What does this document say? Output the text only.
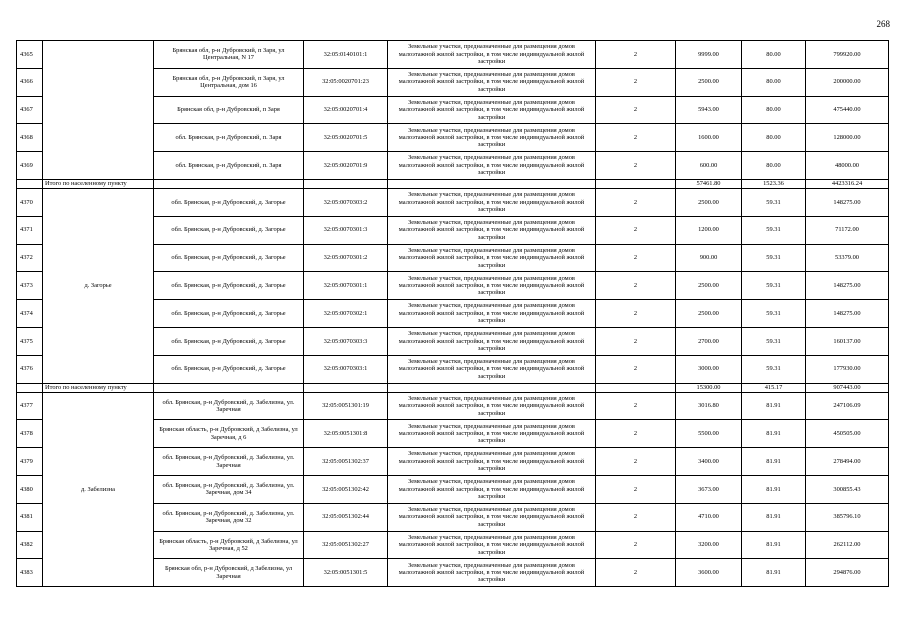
268
4365		Брянская обл, р-н Дубровский, п Заря, ул Центральная, N 17	32:05:0140101:1	Земельные участки, предназначенные для размещения домов малоэтажной жилой застройки, в том числе индивидуальной жилой застройки	2	9999.00	80.00	799920.00
4366		Брянская обл, р-н Дубровский, п Заря, ул Центральная, дом 16	32:05:0020701:23	Земельные участки, предназначенные для размещения домов малоэтажной жилой застройки, в том числе индивидуальной жилой застройки	2	2500.00	80.00	200000.00
4367		Брянская обл, р-н Дубровский, п Заря	32:05:0020701:4	Земельные участки, предназначенные для размещения домов малоэтажной жилой застройки, в том числе индивидуальной жилой застройки	2	5943.00	80.00	475440.00
4368		обл. Брянская, р-н Дубровский, п. Заря	32:05:0020701:5	Земельные участки, предназначенные для размещения домов малоэтажной жилой застройки, в том числе индивидуальной жилой застройки	2	1600.00	80.00	128000.00
4369		обл. Брянская, р-н Дубровский, п. Заря	32:05:0020701:9	Земельные участки, предназначенные для размещения домов малоэтажной жилой застройки, в том числе индивидуальной жилой застройки	2	600.00	80.00	48000.00
	Итого по населенному пункту					57461.80	1523.36	4423316.24
4370	д. Загорье	обл. Брянская, р-н Дубровский, д. Загорье	32:05:0070303:2	Земельные участки, предназначенные для размещения домов малоэтажной жилой застройки, в том числе индивидуальной жилой застройки	2	2500.00	59.31	148275.00
4371		обл. Брянская, р-н Дубровский, д. Загорье	32:05:0070301:3	Земельные участки, предназначенные для размещения домов малоэтажной жилой застройки, в том числе индивидуальной жилой застройки	2	1200.00	59.31	71172.00
4372		обл. Брянская, р-н Дубровский, д. Загорье	32:05:0070301:2	Земельные участки, предназначенные для размещения домов малоэтажной жилой застройки, в том числе индивидуальной жилой застройки	2	900.00	59.31	53379.00
4373		обл. Брянская, р-н Дубровский, д. Загорье	32:05:0070301:1	Земельные участки, предназначенные для размещения домов малоэтажной жилой застройки, в том числе индивидуальной жилой застройки	2	2500.00	59.31	148275.00
4374		обл. Брянская, р-н Дубровский, д. Загорье	32:05:0070302:1	Земельные участки, предназначенные для размещения домов малоэтажной жилой застройки, в том числе индивидуальной жилой застройки	2	2500.00	59.31	148275.00
4375		обл. Брянская, р-н Дубровский, д. Загорье	32:05:0070303:3	Земельные участки, предназначенные для размещения домов малоэтажной жилой застройки, в том числе индивидуальной жилой застройки	2	2700.00	59.31	160137.00
4376		обл. Брянская, р-н Дубровский, д. Загорье	32:05:0070303:1	Земельные участки, предназначенные для размещения домов малоэтажной жилой застройки, в том числе индивидуальной жилой застройки	2	3000.00	59.31	177930.00
	Итого по населенному пункту					15300.00	415.17	907443.00
4377	д. Забелизна	обл. Брянская, р-н Дубровский, д. Забелизна, ул. Заречная	32:05:0051301:19	Земельные участки, предназначенные для размещения домов малоэтажной жилой застройки, в том числе индивидуальной жилой застройки	2	3016.80	81.91	247106.09
4378		Брянская область, р-н Дубровский, д Забелизна, ул Заречная, д 6	32:05:0051301:8	Земельные участки, предназначенные для размещения домов малоэтажной жилой застройки, в том числе индивидуальной жилой застройки	2	5500.00	81.91	450505.00
4379		обл. Брянская, р-н Дубровский, д. Забелизна, ул. Заречная	32:05:0051302:37	Земельные участки, предназначенные для размещения домов малоэтажной жилой застройки, в том числе индивидуальной жилой застройки	2	3400.00	81.91	278494.00
4380		обл. Брянская, р-н Дубровский, д. Забелизна, ул. Заречная, дом 34	32:05:0051302:42	Земельные участки, предназначенные для размещения домов малоэтажной жилой застройки, в том числе индивидуальной жилой застройки	2	3673.00	81.91	300855.43
4381		обл. Брянская, р-н Дубровский, д. Забелизна, ул. Заречная, дом 32	32:05:0051302:44	Земельные участки, предназначенные для размещения домов малоэтажной жилой застройки, в том числе индивидуальной жилой застройки	2	4710.00	81.91	385796.10
4382		Брянская область, р-н Дубровский, д Забелизна, ул Заречная, д 52	32:05:0051302:27	Земельные участки, предназначенные для размещения домов малоэтажной жилой застройки, в том числе индивидуальной жилой застройки	2	3200.00	81.91	262112.00
4383		Брянская обл, р-н Дубровский, д Забелизна, ул Заречная	32:05:0051301:5	Земельные участки, предназначенные для размещения домов малоэтажной жилой застройки, в том числе индивидуальной жилой застройки	2	3600.00	81.91	294876.00
